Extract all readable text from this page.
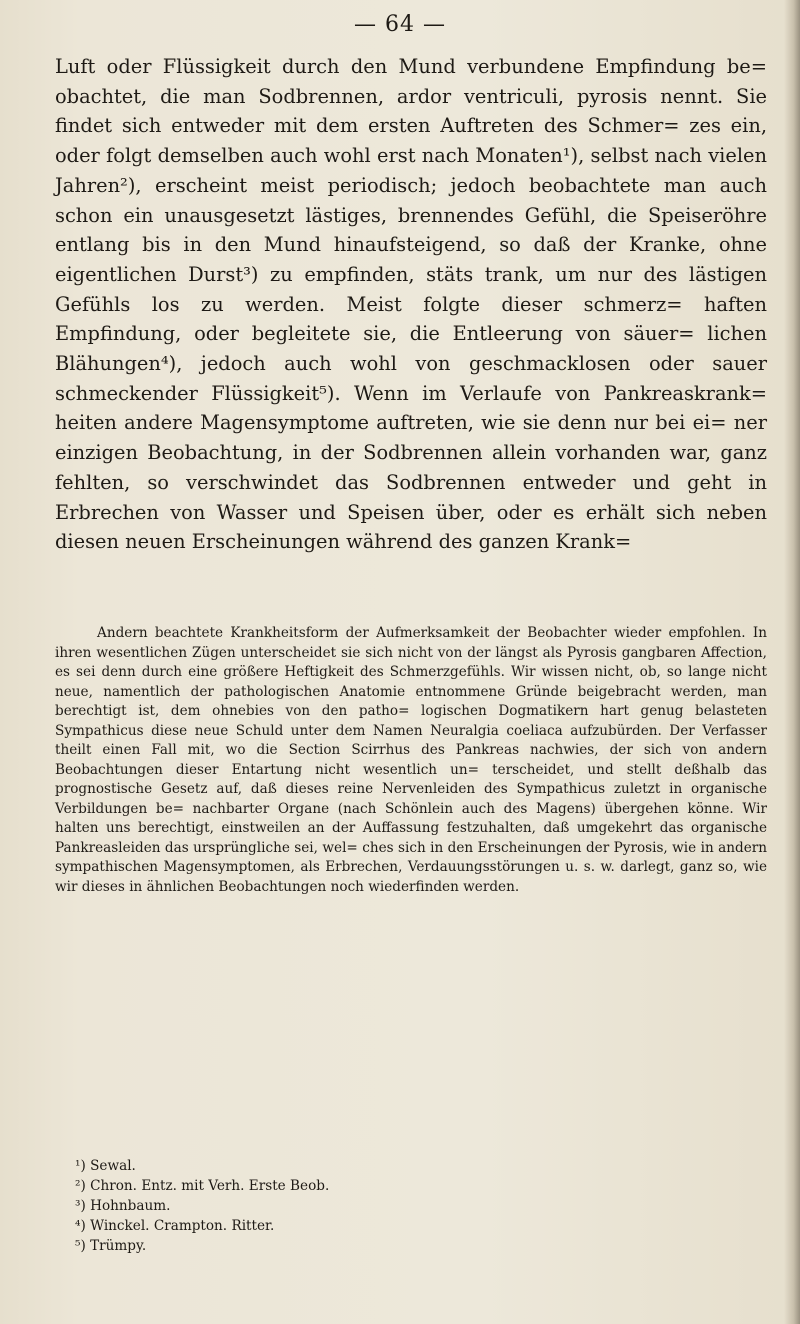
— 64 —

Luft oder Flüssigkeit durch den Mund verbundene Empfindung be= obachtet, die man Sodbrennen, ardor ventriculi, pyrosis nennt. Sie findet sich entweder mit dem ersten Auftreten des Schmer= zes ein, oder folgt demselben auch wohl erst nach Monaten¹), selbst nach vielen Jahren²), erscheint meist periodisch; jedoch beobachtete man auch schon ein unausgesetzt lästiges, brennendes Gefühl, die Speiseröhre entlang bis in den Mund hinaufsteigend, so daß der Kranke, ohne eigentlichen Durst³) zu empfinden, stäts trank, um nur des lästigen Gefühls los zu werden. Meist folgte dieser schmerz= haften Empfindung, oder begleitete sie, die Entleerung von säuer= lichen Blähungen⁴), jedoch auch wohl von geschmacklosen oder sauer schmeckender Flüssigkeit⁵). Wenn im Verlaufe von Pankreaskrank= heiten andere Magensymptome auftreten, wie sie denn nur bei ei= ner einzigen Beobachtung, in der Sodbrennen allein vorhanden war, ganz fehlten, so verschwindet das Sodbrennen entweder und geht in Erbrechen von Wasser und Speisen über, oder es erhält sich neben diesen neuen Erscheinungen während des ganzen Krank=

Andern beachtete Krankheitsform der Aufmerksamkeit der Beobachter wieder empfohlen. In ihren wesentlichen Zügen unterscheidet sie sich nicht von der längst als Pyrosis gangbaren Affection, es sei denn durch eine größere Heftigkeit des Schmerzgefühls. Wir wissen nicht, ob, so lange nicht neue, namentlich der pathologischen Anatomie entnommene Gründe beigebracht werden, man berechtigt ist, dem ohnebies von den patho= logischen Dogmatikern hart genug belasteten Sympathicus diese neue Schuld unter dem Namen Neuralgia coeliaca aufzubürden. Der Verfasser theilt einen Fall mit, wo die Section Scirrhus des Pankreas nachwies, der sich von andern Beobachtungen dieser Entartung nicht wesentlich un= terscheidet, und stellt deßhalb das prognostische Gesetz auf, daß dieses reine Nervenleiden des Sympathicus zuletzt in organische Verbildungen be= nachbarter Organe (nach Schönlein auch des Magens) übergehen könne. Wir halten uns berechtigt, einstweilen an der Auffassung festzuhalten, daß umgekehrt das organische Pankreasleiden das ursprüngliche sei, wel= ches sich in den Erscheinungen der Pyrosis, wie in andern sympathischen Magensymptomen, als Erbrechen, Verdauungsstörungen u. s. w. darlegt, ganz so, wie wir dieses in ähnlichen Beobachtungen noch wiederfinden werden.

¹) Sewal.
²) Chron. Entz. mit Verh. Erste Beob.
³) Hohnbaum.
⁴) Winckel. Crampton. Ritter.
⁵) Trümpy.
